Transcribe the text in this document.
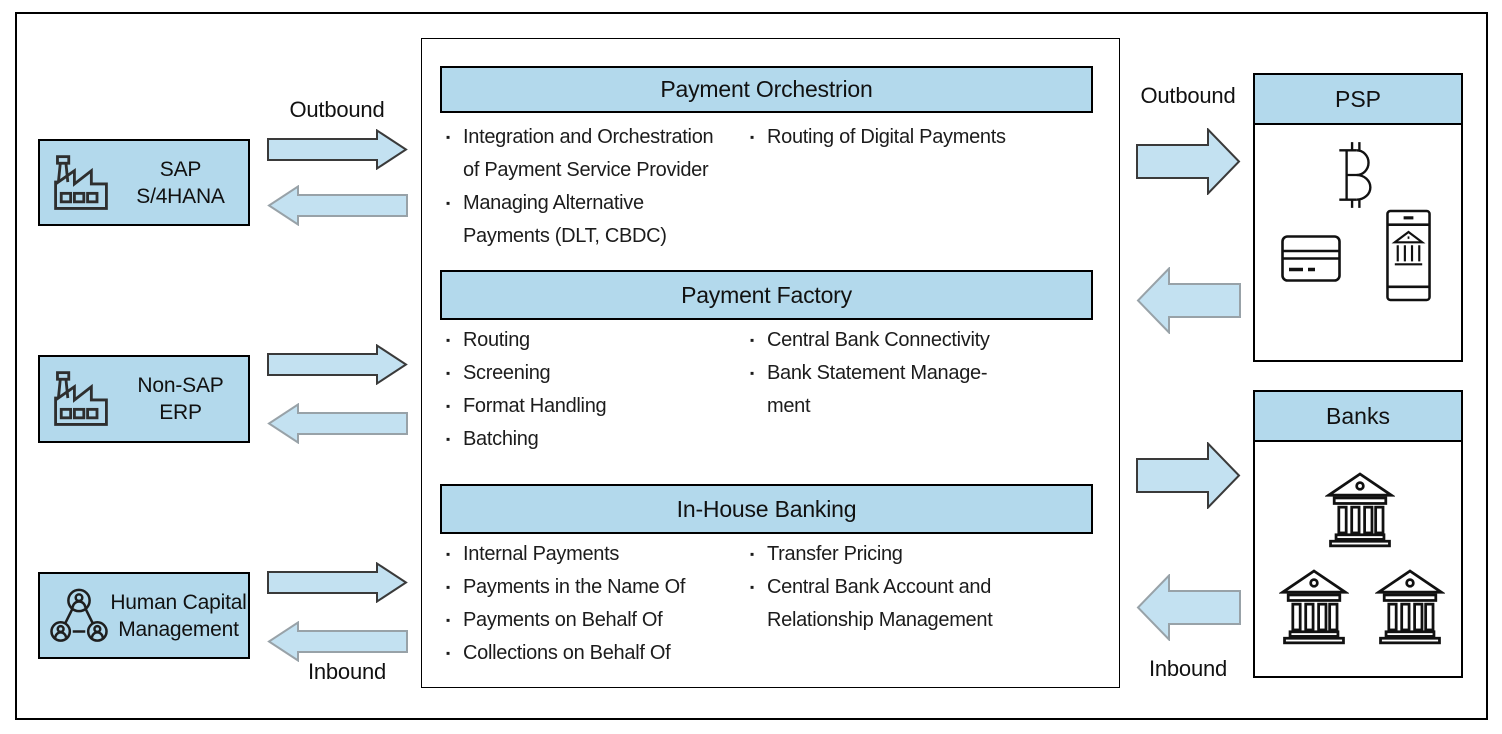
SAP
S/4HANA
Non-SAP
ERP
Human Capital
Management
Outbound
Inbound
Payment Orchestrion
▪ Integration and Orchestration
of Payment Service Provider
▪ Managing Alternative
Payments (DLT, CBDC)
▪ Routing of Digital Payments
Payment Factory
▪ Routing
▪ Screening
▪ Format Handling
▪ Batching
▪ Central Bank Connectivity
▪ Bank Statement Manage-
ment
In-House Banking
▪ Internal Payments
▪ Payments in the Name Of
▪ Payments on Behalf Of
▪ Collections on Behalf Of
▪ Transfer Pricing
▪ Central Bank Account and
Relationship Management
Outbound
Inbound
PSP
Banks
